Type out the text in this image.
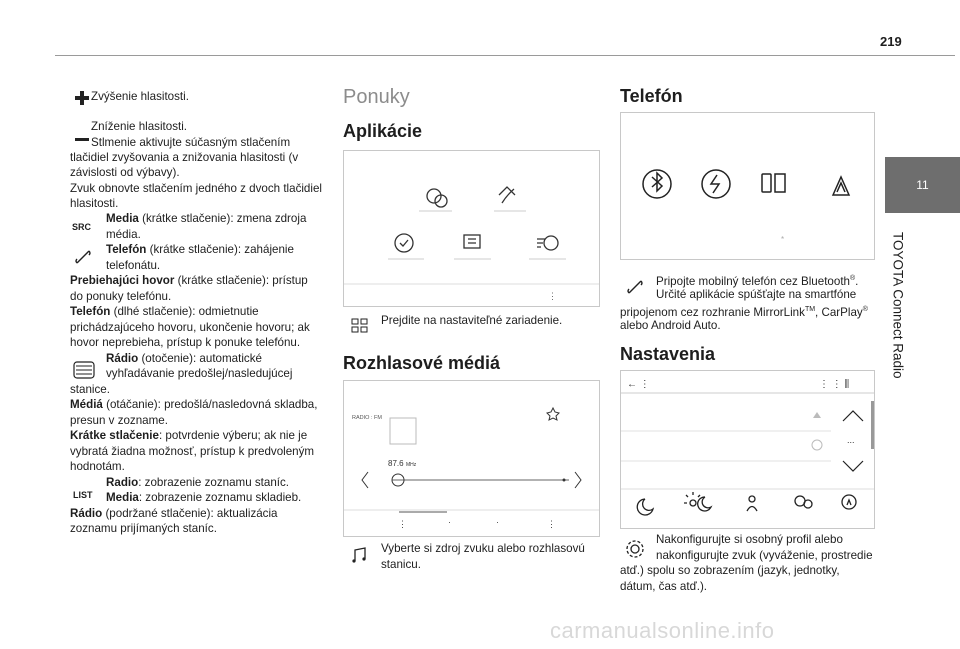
219
11
TOYOTA Connect Radio
Zvýšenie hlasitosti.
Zníženie hlasitosti.
Stlmenie aktivujte súčasným stlačením
tlačidiel zvyšovania a znižovania hlasitosti (v
závislosti od výbavy).
Zvuk obnovte stlačením jedného z dvoch tlačidiel
hlasitosti.
SRC
Media (krátke stlačenie): zmena zdroja
média.
Telefón (krátke stlačenie): zahájenie
telefonátu.
Prebiehajúci hovor (krátke stlačenie): prístup
do ponuky telefónu.
Telefón (dlhé stlačenie): odmietnutie
prichádzajúceho hovoru, ukončenie hovoru; ak
hovor neprebieha, prístup k ponuke telefónu.
Rádio (otočenie): automatické
vyhľadávanie predošlej/nasledujúcej
stanice.
Médiá (otáčanie): predošlá/nasledovná skladba,
presun v zozname.
Krátke stlačenie: potvrdenie výberu; ak nie je
vybratá žiadna možnosť, prístup k predvoleným
hodnotám.
LIST
Radio: zobrazenie zoznamu staníc.
Media: zobrazenie zoznamu skladieb.
Rádio (podržané stlačenie): aktualizácia
zoznamu prijímaných staníc.
Ponuky
Aplikácie
⋮
Prejdite na nastaviteľné zariadenie.
Rozhlasové médiá
RADIO : FM
87.6 MHz
⋮	·	·	⋮
Vyberte si zdroj zvuku alebo rozhlasovú
stanicu.
Telefón
*
Pripojte mobilný telefón cez Bluetooth®.
Určité aplikácie spúšťajte na smartfóne
pripojenom cez rozhranie MirrorLink™, CarPlay®
alebo Android Auto.
Nastavenia
← ⋮	⋮ ⋮ ⫼
...
Nakonfigurujte si osobný profil alebo
nakonfigurujte zvuk (vyváženie, prostredie
atď.) spolu so zobrazením (jazyk, jednotky,
dátum, čas atď.).
carmanualsonline.info
